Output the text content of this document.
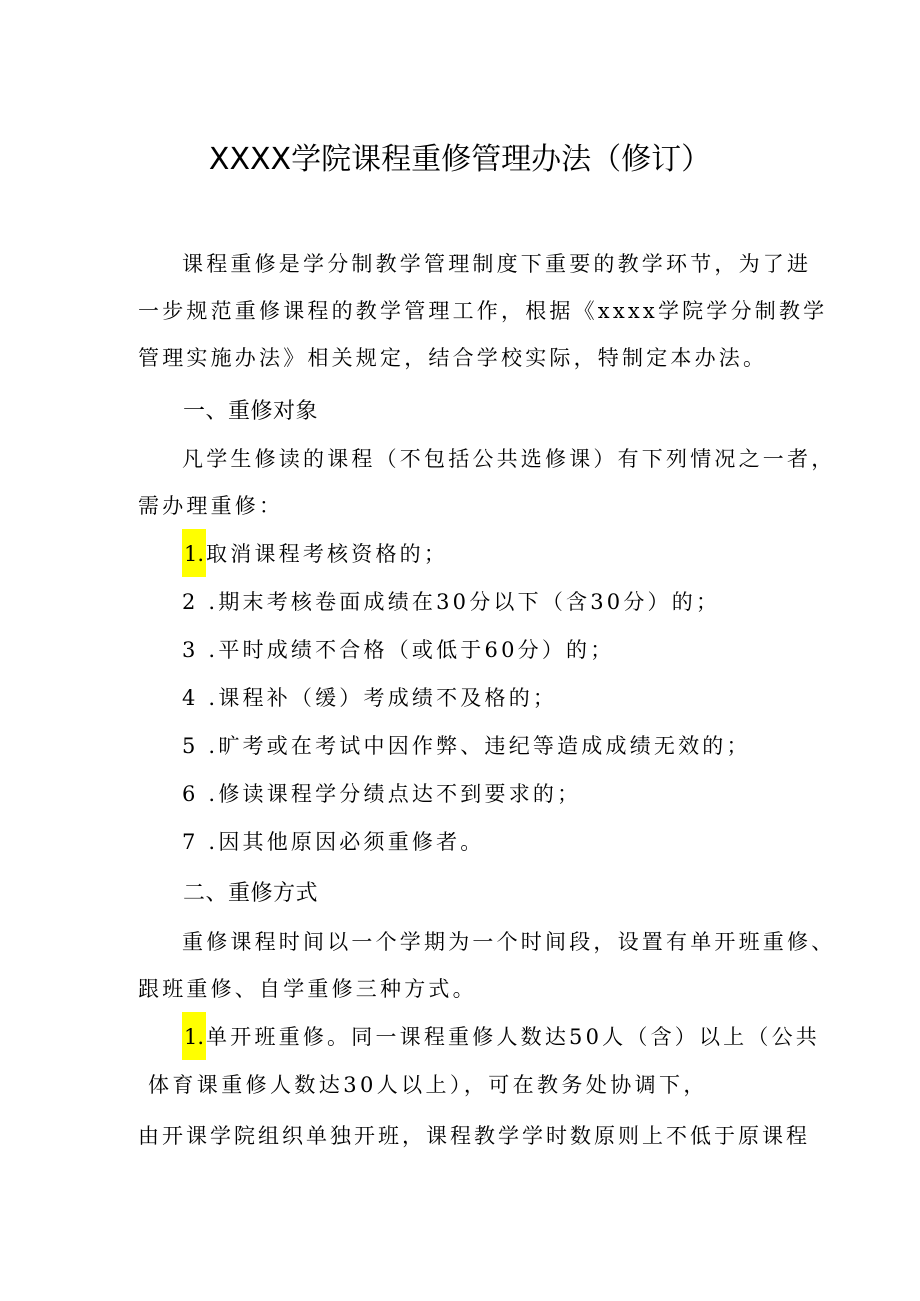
XXXX学院课程重修管理办法（修订）
课程重修是学分制教学管理制度下重要的教学环节，为了进
一步规范重修课程的教学管理工作，根据《xxxx学院学分制教学
管理实施办法》相关规定，结合学校实际，特制定本办法。
一、重修对象
凡学生修读的课程（不包括公共选修课）有下列情况之一者，
需办理重修：
1.取消课程考核资格的；
2 .期末考核卷面成绩在30分以下（含30分）的；
3 .平时成绩不合格（或低于60分）的；
4 .课程补（缓）考成绩不及格的；
5 .旷考或在考试中因作弊、违纪等造成成绩无效的；
6 .修读课程学分绩点达不到要求的；
7 .因其他原因必须重修者。
二、重修方式
重修课程时间以一个学期为一个时间段，设置有单开班重修、
跟班重修、自学重修三种方式。
1.单开班重修。同一课程重修人数达50人（含）以上（公共
体育课重修人数达30人以上），可在教务处协调下，
由开课学院组织单独开班，课程教学学时数原则上不低于原课程
